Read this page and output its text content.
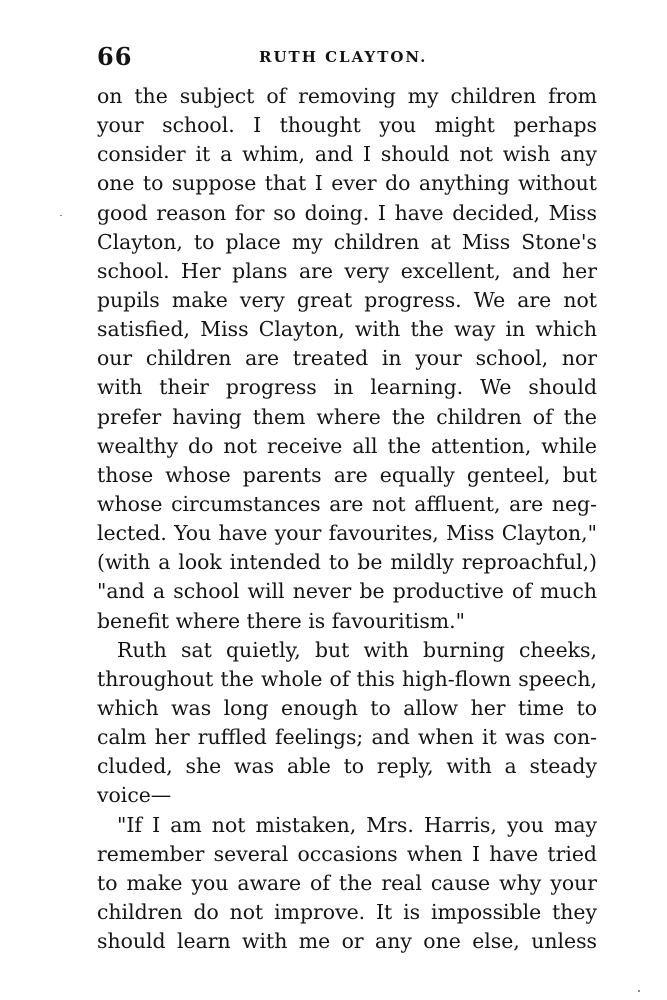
66	RUTH CLAYTON.
on the subject of removing my children from
your school. I thought you might perhaps
consider it a whim, and I should not wish any
one to suppose that I ever do anything without
good reason for so doing. I have decided, Miss
Clayton, to place my children at Miss Stone's
school. Her plans are very excellent, and her
pupils make very great progress. We are not
satisfied, Miss Clayton, with the way in which
our children are treated in your school, nor
with their progress in learning. We should
prefer having them where the children of the
wealthy do not receive all the attention, while
those whose parents are equally genteel, but
whose circumstances are not affluent, are neg-
lected. You have your favourites, Miss Clayton,"
(with a look intended to be mildly reproachful,)
"and a school will never be productive of much
benefit where there is favouritism."
Ruth sat quietly, but with burning cheeks,
throughout the whole of this high-flown speech,
which was long enough to allow her time to
calm her ruffled feelings; and when it was con-
cluded, she was able to reply, with a steady
voice—
"If I am not mistaken, Mrs. Harris, you may
remember several occasions when I have tried
to make you aware of the real cause why your
children do not improve. It is impossible they
should learn with me or any one else, unless
